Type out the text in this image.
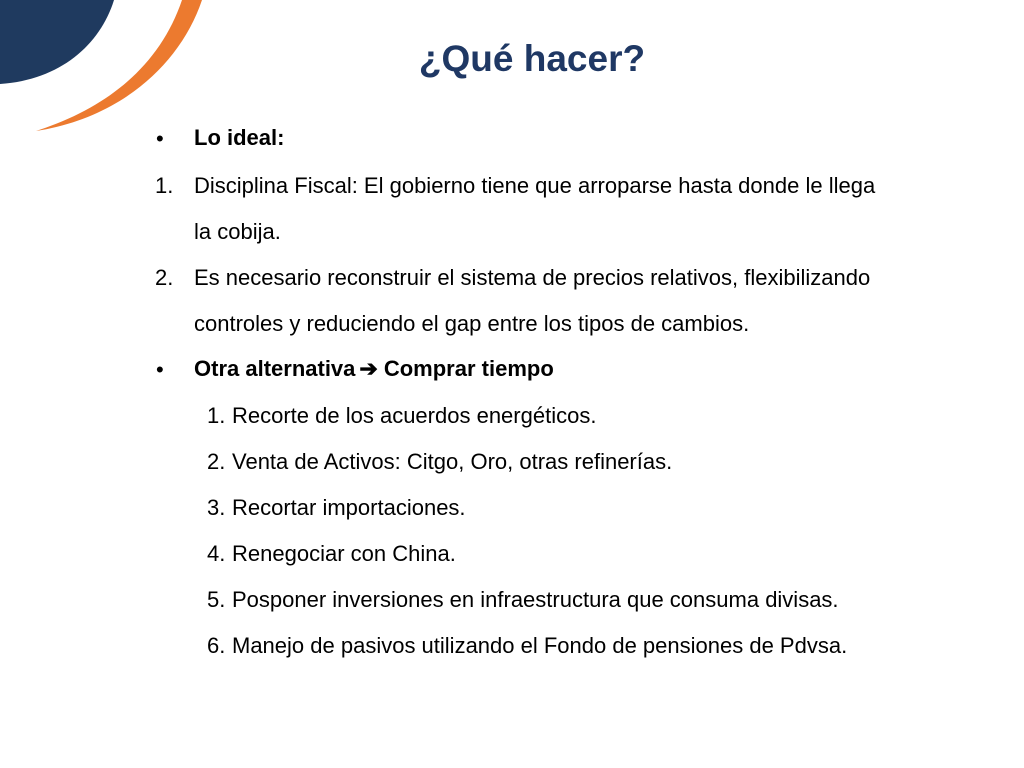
¿Qué hacer?
• Lo ideal:
1. Disciplina Fiscal: El gobierno tiene que arroparse hasta donde le llega
la cobija.
2. Es necesario reconstruir el sistema de precios relativos, flexibilizando
controles y reduciendo el gap entre los tipos de cambios.
• Otra alternativa ➔ Comprar tiempo
1. Recorte de los acuerdos energéticos.
2. Venta de Activos: Citgo, Oro, otras refinerías.
3. Recortar importaciones.
4. Renegociar con China.
5. Posponer inversiones en infraestructura que consuma divisas.
6. Manejo de pasivos utilizando el Fondo de pensiones de Pdvsa.
